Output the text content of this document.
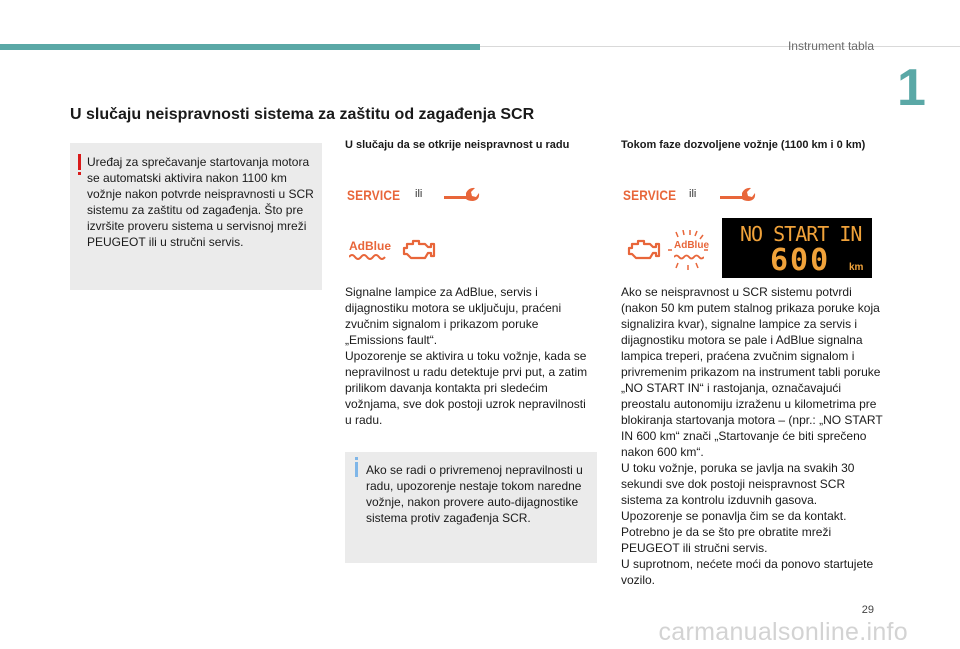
Instrument tabla
1
U slučaju neispravnosti sistema za zaštitu od zagađenja SCR
Uređaj za sprečavanje startovanja motora se automatski aktivira nakon 1100 km vožnje nakon potvrde neispravnosti u SCR sistemu za zaštitu od zagađenja. Što pre izvršite proveru sistema u servisnoj mreži PEUGEOT ili u stručni servis.
U slučaju da se otkrije neispravnost u radu
SERVICE ili
AdBlue
Signalne lampice za AdBlue, servis i dijagnostiku motora se uključuju, praćeni zvučnim signalom i prikazom poruke „Emissions fault“.
Upozorenje se aktivira u toku vožnje, kada se nepravilnost u radu detektuje prvi put, a zatim prilikom davanja kontakta pri sledećim vožnjama, sve dok postoji uzrok nepravilnosti u radu.
Ako se radi o privremenoj nepravilnosti u radu, upozorenje nestaje tokom naredne vožnje, nakon provere auto-dijagnostike sistema protiv zagađenja SCR.
Tokom faze dozvoljene vožnje (1100 km i 0 km)
SERVICE ili
AdBlue NO START IN
600 km
Ako se neispravnost u SCR sistemu potvrdi (nakon 50 km putem stalnog prikaza poruke koja signalizira kvar), signalne lampice za servis i dijagnostiku motora se pale i AdBlue signalna lampica treperi, praćena zvučnim signalom i privremenim prikazom na instrument tabli poruke „NO START IN“ i rastojanja, označavajući preostalu autonomiju izraženu u kilometrima pre blokiranja startovanja motora – (npr.: „NO START IN 600 km“ znači „Startovanje će biti sprečeno nakon 600 km“.
U toku vožnje, poruka se javlja na svakih 30 sekundi sve dok postoji neispravnost SCR sistema za kontrolu izduvnih gasova.
Upozorenje se ponavlja čim se da kontakt.
Potrebno je da se što pre obratite mreži PEUGEOT ili stručni servis.
U suprotnom, nećete moći da ponovo startujete vozilo.
29
carmanualsonline.info
